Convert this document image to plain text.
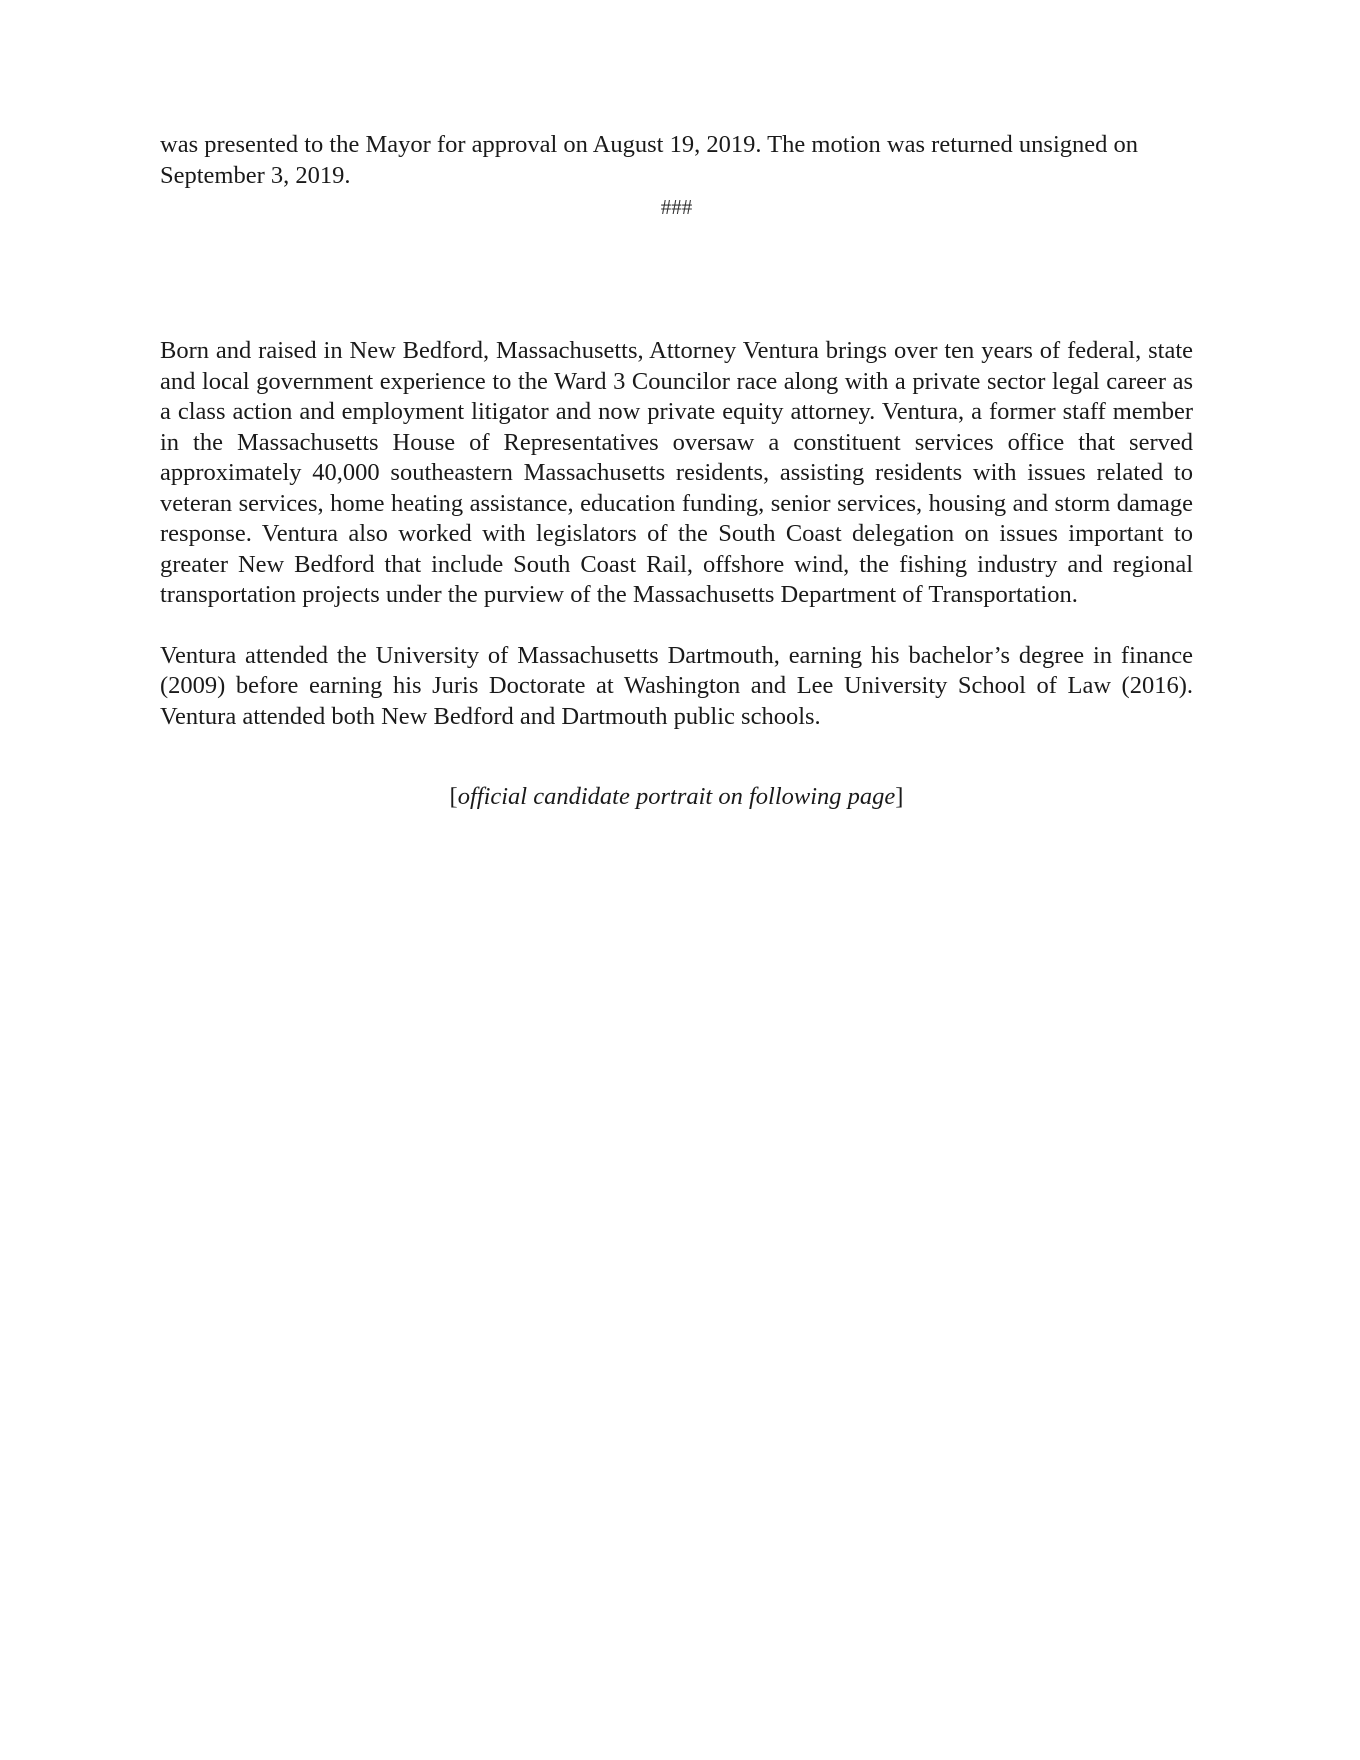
was presented to the Mayor for approval on August 19, 2019. The motion was returned unsigned on September 3, 2019.

###

Born and raised in New Bedford, Massachusetts, Attorney Ventura brings over ten years of federal, state and local government experience to the Ward 3 Councilor race along with a private sector legal career as a class action and employment litigator and now private equity attorney. Ventura, a former staff member in the Massachusetts House of Representatives oversaw a constituent services office that served approximately 40,000 southeastern Massachusetts residents, assisting residents with issues related to veteran services, home heating assistance, education funding, senior services, housing and storm damage response. Ventura also worked with legislators of the South Coast delegation on issues important to greater New Bedford that include South Coast Rail, offshore wind, the fishing industry and regional transportation projects under the purview of the Massachusetts Department of Transportation.

Ventura attended the University of Massachusetts Dartmouth, earning his bachelor’s degree in finance (2009) before earning his Juris Doctorate at Washington and Lee University School of Law (2016). Ventura attended both New Bedford and Dartmouth public schools.

[official candidate portrait on following page]
